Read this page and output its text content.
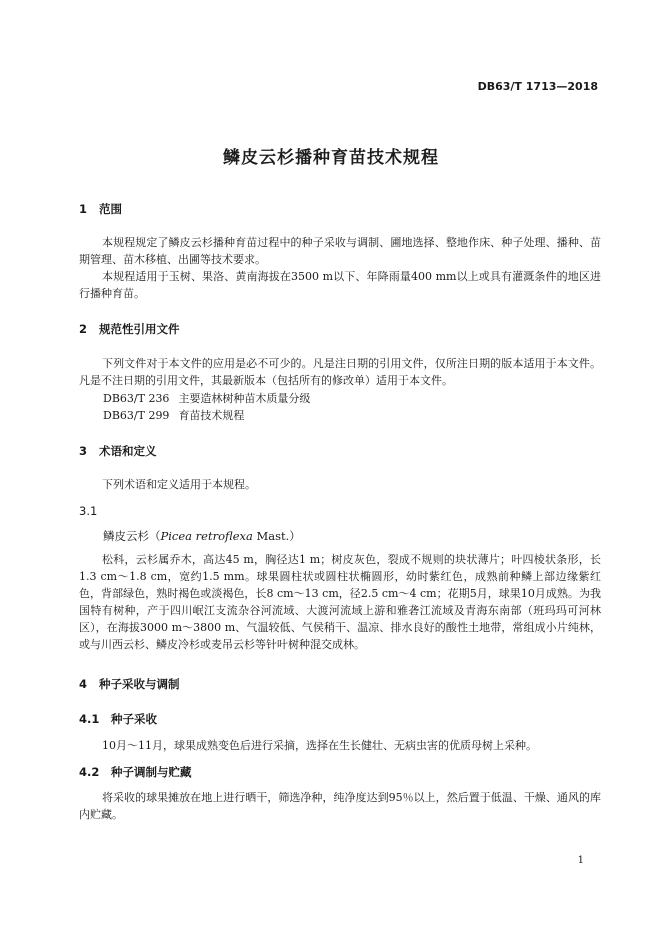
DB63/T 1713—2018
鳞皮云杉播种育苗技术规程
1 范围

本规程规定了鳞皮云杉播种育苗过程中的种子采收与调制、圃地选择、整地作床、种子处理、播种、苗期管理、苗木移植、出圃等技术要求。

本规程适用于玉树、果洛、黄南海拔在3500 m以下、年降雨量400 mm以上或具有灌溉条件的地区进行播种育苗。

2 规范性引用文件

下列文件对于本文件的应用是必不可少的。凡是注日期的引用文件，仅所注日期的版本适用于本文件。凡是不注日期的引用文件，其最新版本（包括所有的修改单）适用于本文件。

DB63/T 236 主要造林树种苗木质量分级
DB63/T 299 育苗技术规程
3 术语和定义

下列术语和定义适用于本规程。

3.1
鳞皮云杉（Picea retroflexa Mast.）

松科，云杉属乔木，高达45 m，胸径达1 m；树皮灰色，裂成不规则的块状薄片；叶四棱状条形，长1.3 cm～1.8 cm，宽约1.5 mm。球果圆柱状或圆柱状椭圆形，幼时紫红色，成熟前种鳞上部边缘紫红色，背部绿色，熟时褐色或淡褐色，长8 cm～13 cm，径2.5 cm～4 cm；花期5月，球果10月成熟。为我国特有树种，产于四川岷江支流杂谷河流域、大渡河流域上游和雅砻江流域及青海东南部（班玛玛可河林区），在海拔3000 m～3800 m、气温较低、气侯稍干、温凉、排水良好的酸性土地带，常组成小片纯林，或与川西云杉、鳞皮冷杉或麦吊云杉等针叶树种混交成林。

4 种子采收与调制
4.1 种子采收

10月～11月，球果成熟变色后进行采摘，选择在生长健壮、无病虫害的优质母树上采种。

4.2 种子调制与贮藏

将采收的球果摊放在地上进行晒干，筛选净种，纯净度达到95％以上，然后置于低温、干燥、通风的库内贮藏。

1
